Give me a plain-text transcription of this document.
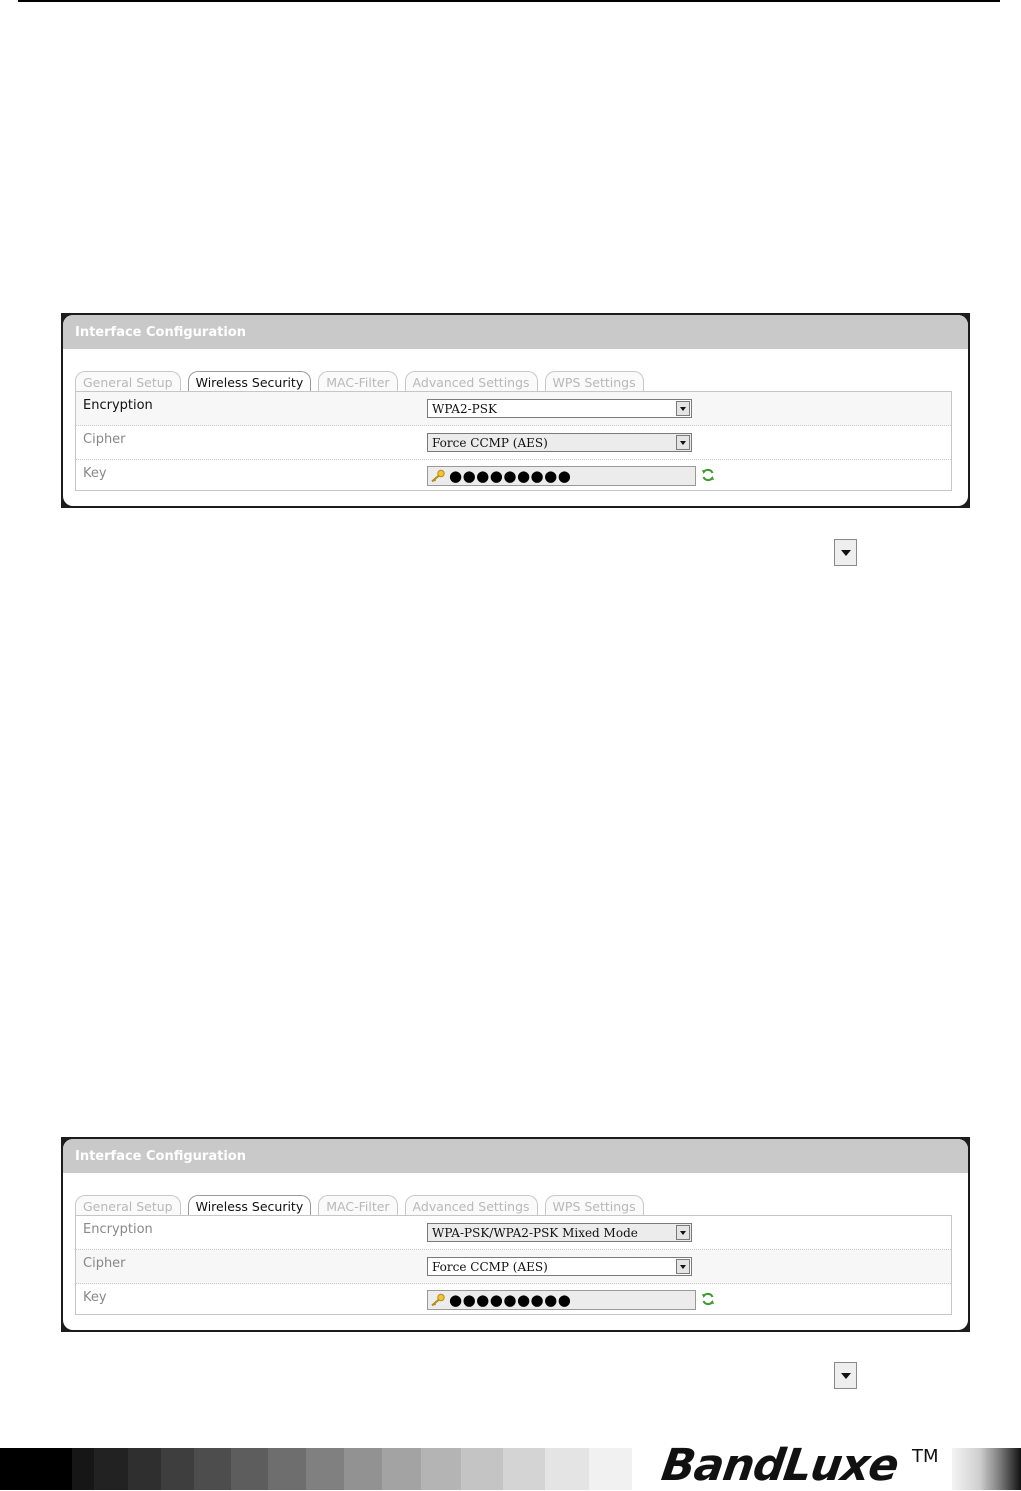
Interface Configuration
General Setup	Wireless Security	MAC-Filter	Advanced Settings	WPS Settings
Encryption	WPA2-PSK
Cipher	Force CCMP (AES)
Key	●●●●●●●●●
Interface Configuration
General Setup	Wireless Security	MAC-Filter	Advanced Settings	WPS Settings
Encryption	WPA-PSK/WPA2-PSK Mixed Mode
Cipher	Force CCMP (AES)
Key	●●●●●●●●●
BandLuxe TM
